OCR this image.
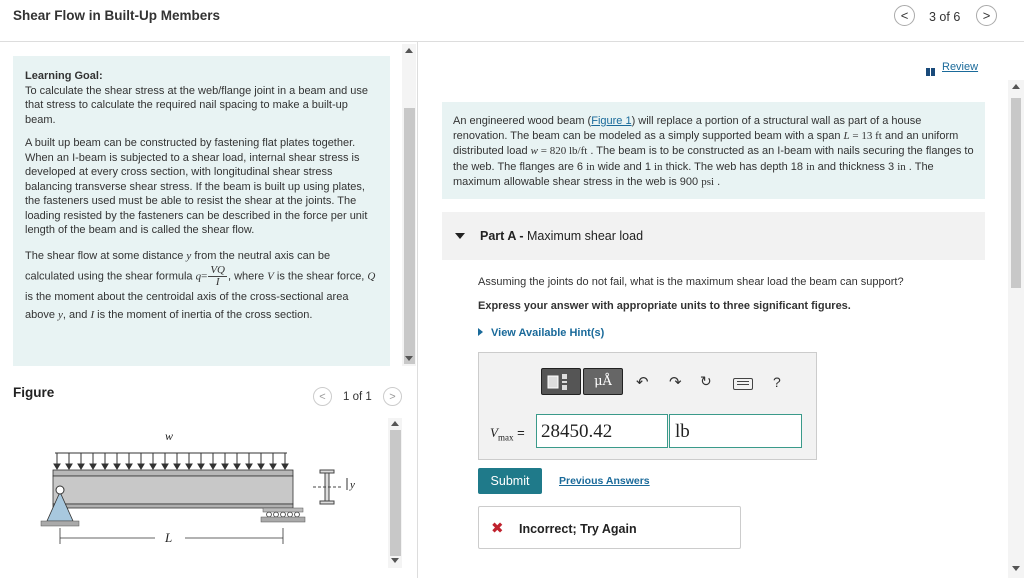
Shear Flow in Built-Up Members	<	3 of 6	>

Learning Goal:
To calculate the shear stress at the web/flange joint in a beam and use that stress to calculate the required nail spacing to make a built-up beam.

A built up beam can be constructed by fastening flat plates together. When an I-beam is subjected to a shear load, internal shear stress is developed at every cross section, with longitudinal shear stress balancing transverse shear stress. If the beam is built up using plates, the fasteners used must be able to resist the shear at the joints. The loading resisted by the fasteners can be described in the force per unit length of the beam and is called the shear flow.

The shear flow at some distance y from the neutral axis can be calculated using the shear formula $q= \frac{VQ}{I}$ , where V is the shear force, Q is the moment about the centroidal axis of the cross-sectional area above y, and I is the moment of inertia of the cross section.

Figure	<	1 of 1	>
w
L
y
Review
An engineered wood beam (Figure 1) will replace a portion of a structural wall as part of a house renovation. The beam can be modeled as a simply supported beam with a span L = 13 ft and an uniform distributed load w = 820 lb/ft . The beam is to be constructed as an I-beam with nails securing the flanges to the web. The flanges are 6 in wide and 1 in thick. The web has depth 18 in and thickness 3 in . The maximum allowable shear stress in the web is 900 psi .
Part A - Maximum shear load
Assuming the joints do not fail, what is the maximum shear load the beam can support?
Express your answer with appropriate units to three significant figures.
View Available Hint(s)
μÅ	↶ ↷ ↻	?
$V_{max} = 28450.42$	lb
Submit	Previous Answers
✖ Incorrect; Try Again
